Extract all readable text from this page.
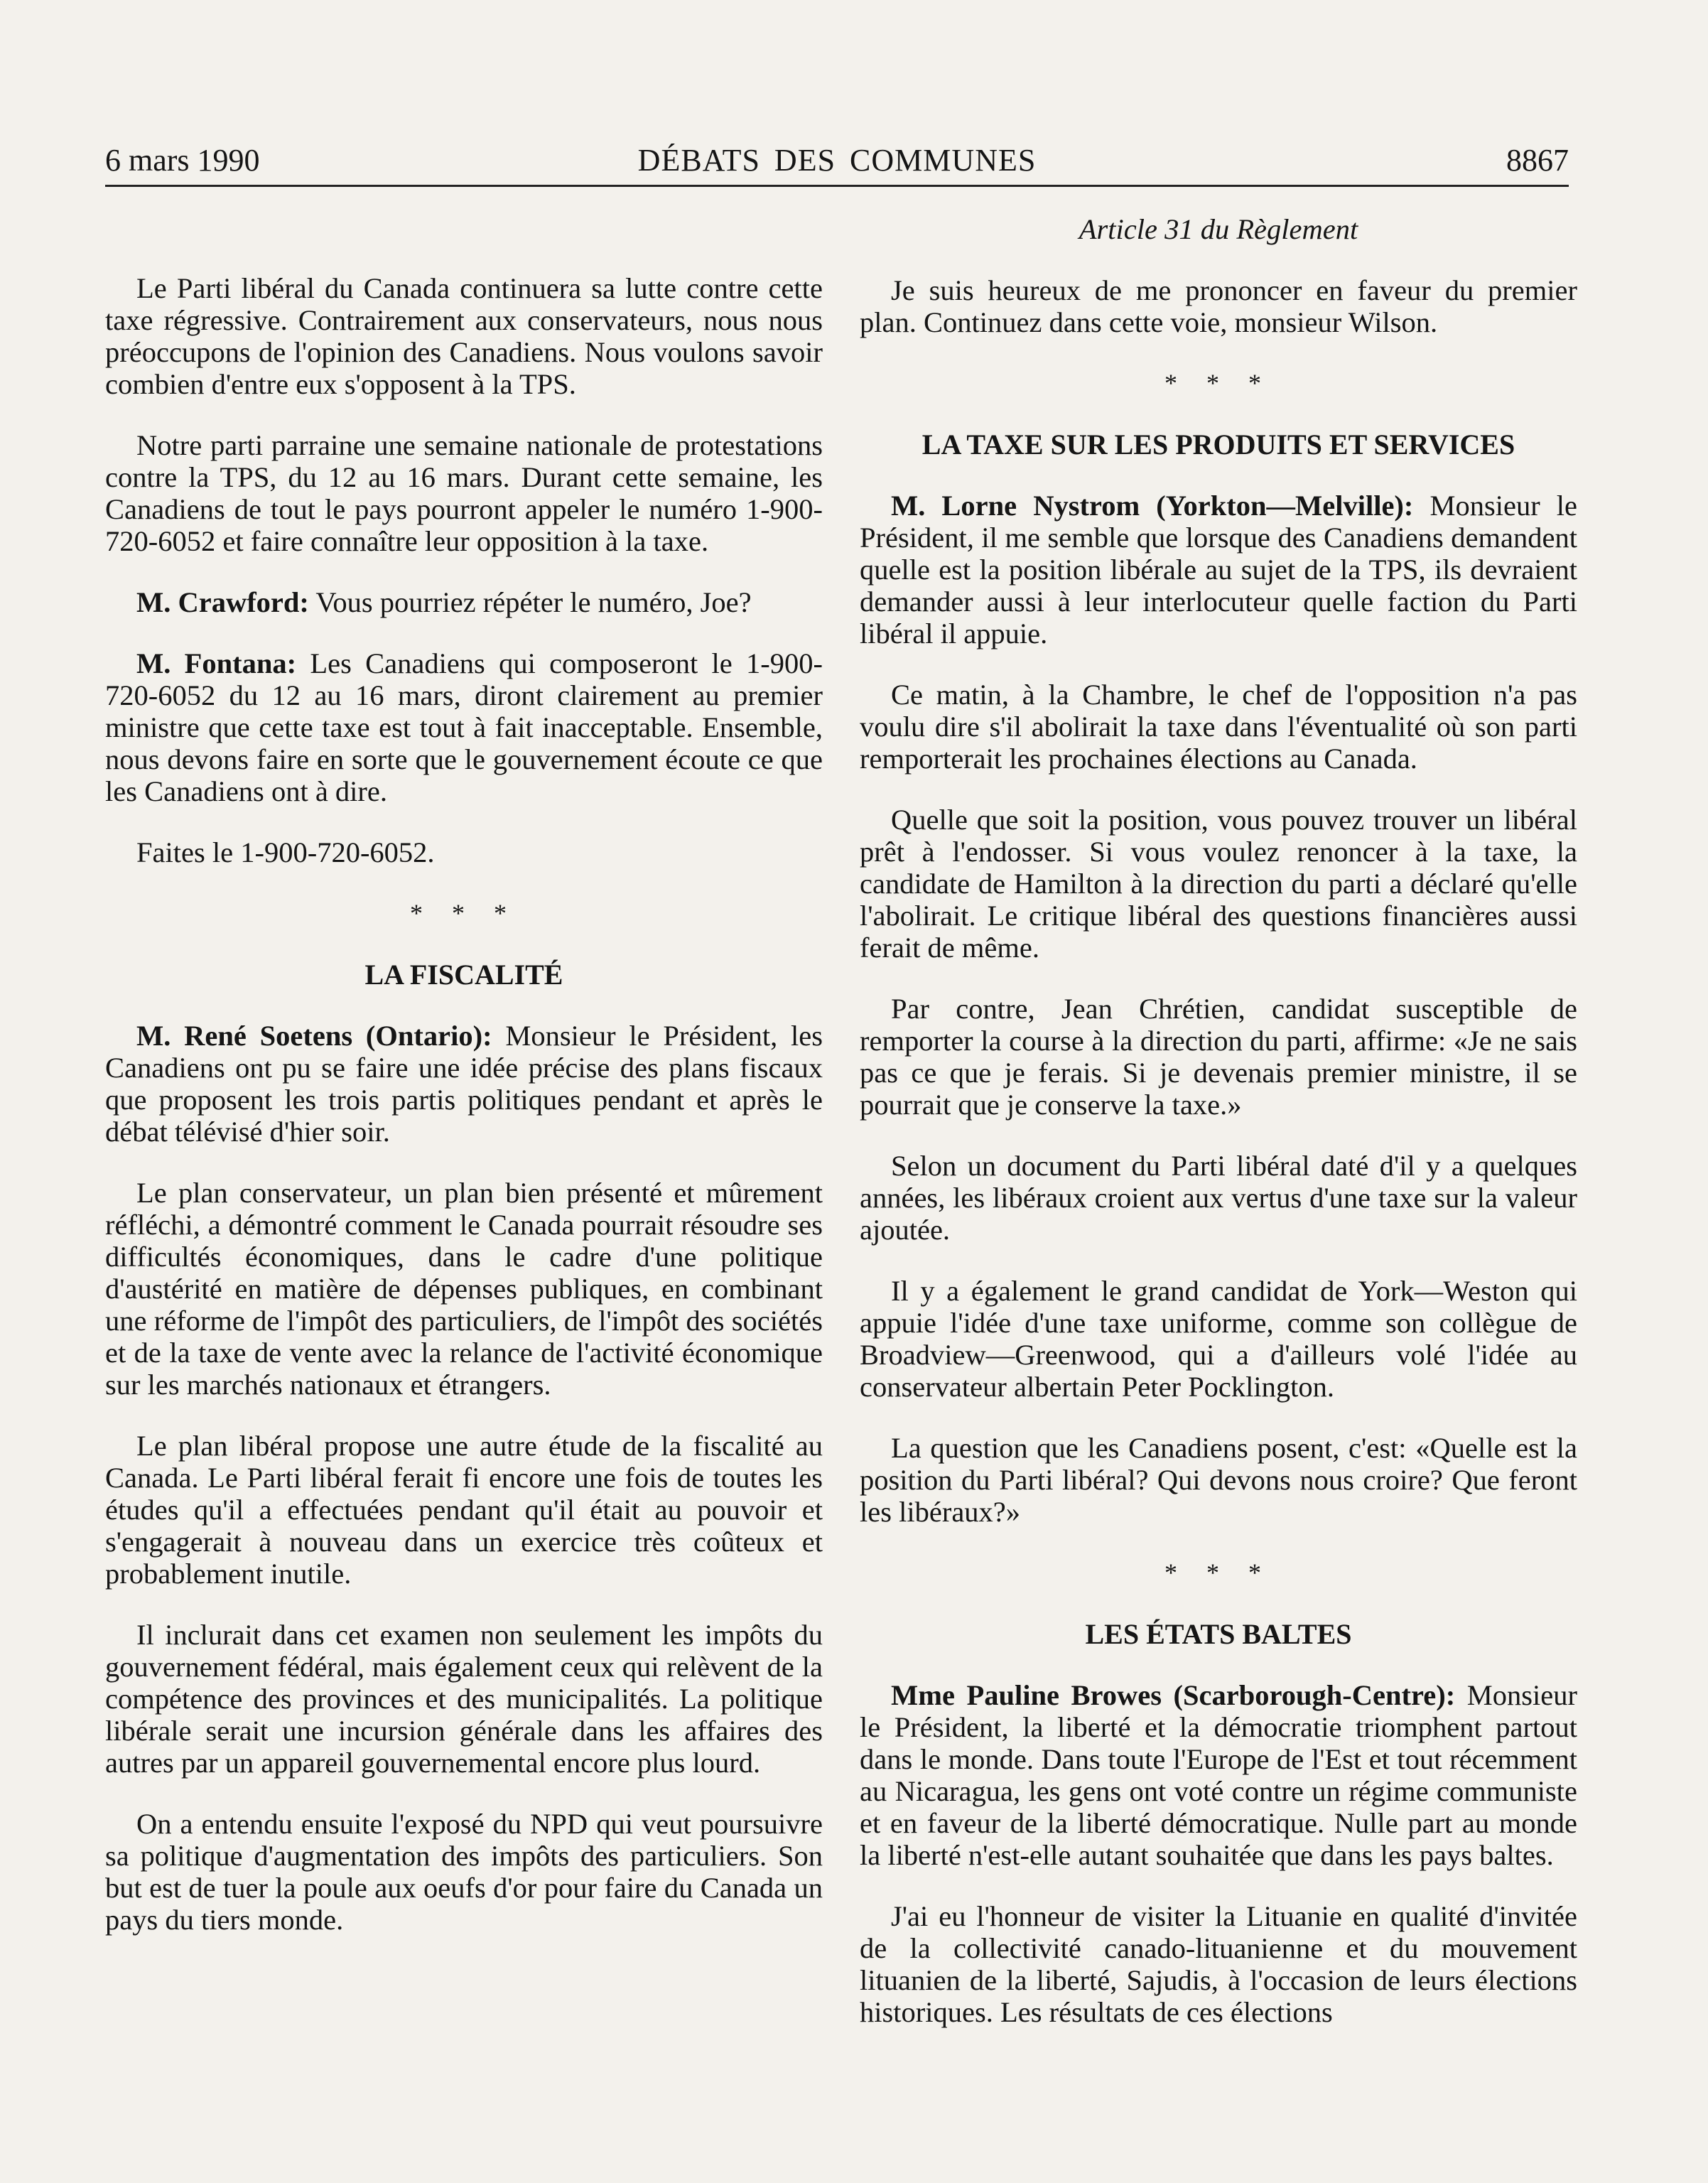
6 mars 1990	DÉBATS DES COMMUNES	8867

Le Parti libéral du Canada continuera sa lutte contre cette taxe régressive. Contrairement aux conservateurs, nous nous préoccupons de l'opinion des Canadiens. Nous voulons savoir combien d'entre eux s'opposent à la TPS.

Notre parti parraine une semaine nationale de protestations contre la TPS, du 12 au 16 mars. Durant cette semaine, les Canadiens de tout le pays pourront appeler le numéro 1-900-720-6052 et faire connaître leur opposition à la taxe.

M. Crawford: Vous pourriez répéter le numéro, Joe?

M. Fontana: Les Canadiens qui composeront le 1-900-720-6052 du 12 au 16 mars, diront clairement au premier ministre que cette taxe est tout à fait inacceptable. Ensemble, nous devons faire en sorte que le gouvernement écoute ce que les Canadiens ont à dire.

Faites le 1-900-720-6052.

* * *
LA FISCALITÉ

M. René Soetens (Ontario): Monsieur le Président, les Canadiens ont pu se faire une idée précise des plans fiscaux que proposent les trois partis politiques pendant et après le débat télévisé d'hier soir.

Le plan conservateur, un plan bien présenté et mûrement réfléchi, a démontré comment le Canada pourrait résoudre ses difficultés économiques, dans le cadre d'une politique d'austérité en matière de dépenses publiques, en combinant une réforme de l'impôt des particuliers, de l'impôt des sociétés et de la taxe de vente avec la relance de l'activité économique sur les marchés nationaux et étrangers.

Le plan libéral propose une autre étude de la fiscalité au Canada. Le Parti libéral ferait fi encore une fois de toutes les études qu'il a effectuées pendant qu'il était au pouvoir et s'engagerait à nouveau dans un exercice très coûteux et probablement inutile.

Il inclurait dans cet examen non seulement les impôts du gouvernement fédéral, mais également ceux qui relèvent de la compétence des provinces et des municipalités. La politique libérale serait une incursion générale dans les affaires des autres par un appareil gouvernemental encore plus lourd.

On a entendu ensuite l'exposé du NPD qui veut poursuivre sa politique d'augmentation des impôts des particuliers. Son but est de tuer la poule aux oeufs d'or pour faire du Canada un pays du tiers monde.

Article 31 du Règlement

Je suis heureux de me prononcer en faveur du premier plan. Continuez dans cette voie, monsieur Wilson.

* * *
LA TAXE SUR LES PRODUITS ET SERVICES

M. Lorne Nystrom (Yorkton—Melville): Monsieur le Président, il me semble que lorsque des Canadiens demandent quelle est la position libérale au sujet de la TPS, ils devraient demander aussi à leur interlocuteur quelle faction du Parti libéral il appuie.

Ce matin, à la Chambre, le chef de l'opposition n'a pas voulu dire s'il abolirait la taxe dans l'éventualité où son parti remporterait les prochaines élections au Canada.

Quelle que soit la position, vous pouvez trouver un libéral prêt à l'endosser. Si vous voulez renoncer à la taxe, la candidate de Hamilton à la direction du parti a déclaré qu'elle l'abolirait. Le critique libéral des questions financières aussi ferait de même.

Par contre, Jean Chrétien, candidat susceptible de remporter la course à la direction du parti, affirme: «Je ne sais pas ce que je ferais. Si je devenais premier ministre, il se pourrait que je conserve la taxe.»

Selon un document du Parti libéral daté d'il y a quelques années, les libéraux croient aux vertus d'une taxe sur la valeur ajoutée.

Il y a également le grand candidat de York—Weston qui appuie l'idée d'une taxe uniforme, comme son collègue de Broadview—Greenwood, qui a d'ailleurs volé l'idée au conservateur albertain Peter Pocklington.

La question que les Canadiens posent, c'est: «Quelle est la position du Parti libéral? Qui devons nous croire? Que feront les libéraux?»

* * *
LES ÉTATS BALTES

Mme Pauline Browes (Scarborough-Centre): Monsieur le Président, la liberté et la démocratie triomphent partout dans le monde. Dans toute l'Europe de l'Est et tout récemment au Nicaragua, les gens ont voté contre un régime communiste et en faveur de la liberté démocratique. Nulle part au monde la liberté n'est-elle autant souhaitée que dans les pays baltes.

J'ai eu l'honneur de visiter la Lituanie en qualité d'invitée de la collectivité canado-lituanienne et du mouvement lituanien de la liberté, Sajudis, à l'occasion de leurs élections historiques. Les résultats de ces élections
